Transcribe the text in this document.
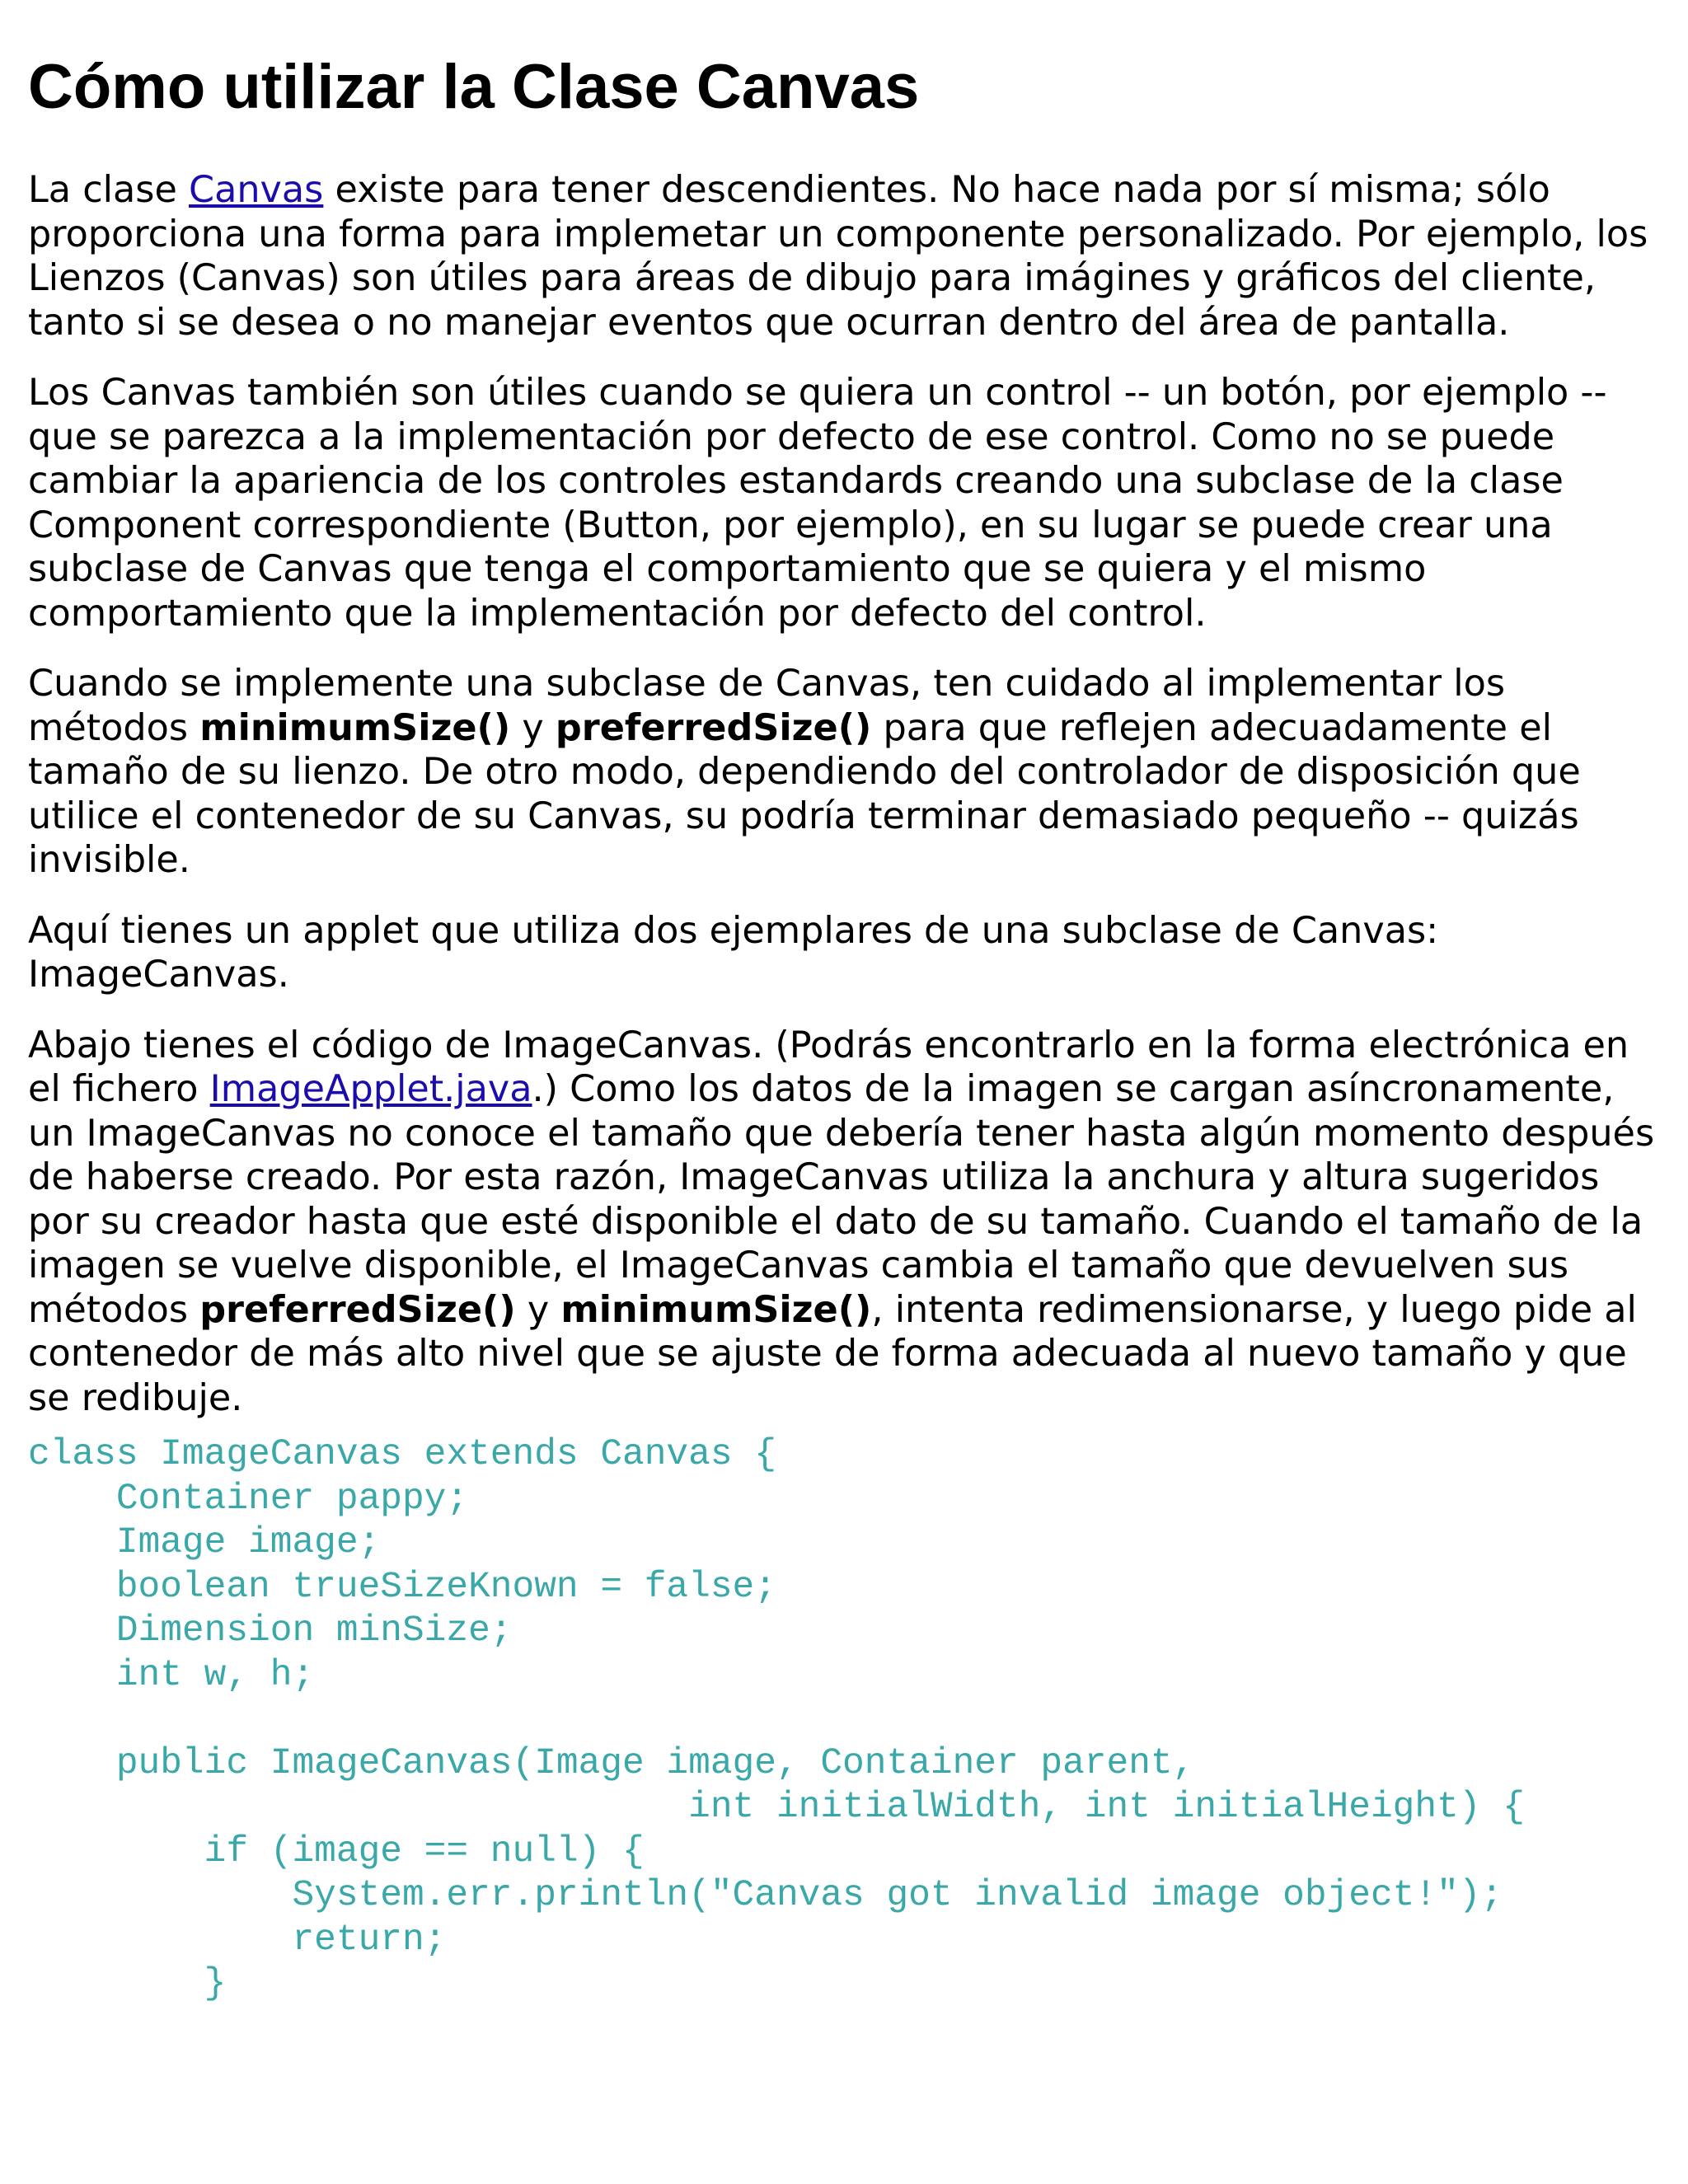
Cómo utilizar la Clase Canvas

La clase Canvas existe para tener descendientes. No hace nada por sí misma; sólo proporciona una forma para implemetar un componente personalizado. Por ejemplo, los Lienzos (Canvas) son útiles para áreas de dibujo para imágines y gráficos del cliente, tanto si se desea o no manejar eventos que ocurran dentro del área de pantalla.

Los Canvas también son útiles cuando se quiera un control -- un botón, por ejemplo -- que se parezca a la implementación por defecto de ese control. Como no se puede cambiar la apariencia de los controles estandards creando una subclase de la clase Component correspondiente (Button, por ejemplo), en su lugar se puede crear una subclase de Canvas que tenga el comportamiento que se quiera y el mismo comportamiento que la implementación por defecto del control.

Cuando se implemente una subclase de Canvas, ten cuidado al implementar los métodos minimumSize() y preferredSize() para que reflejen adecuadamente el tamaño de su lienzo. De otro modo, dependiendo del controlador de disposición que utilice el contenedor de su Canvas, su podría terminar demasiado pequeño -- quizás invisible.

Aquí tienes un applet que utiliza dos ejemplares de una subclase de Canvas: ImageCanvas.

Abajo tienes el código de ImageCanvas. (Podrás encontrarlo en la forma electrónica en el fichero ImageApplet.java.) Como los datos de la imagen se cargan asíncronamente, un ImageCanvas no conoce el tamaño que debería tener hasta algún momento después de haberse creado. Por esta razón, ImageCanvas utiliza la anchura y altura sugeridos por su creador hasta que esté disponible el dato de su tamaño. Cuando el tamaño de la imagen se vuelve disponible, el ImageCanvas cambia el tamaño que devuelven sus métodos preferredSize() y minimumSize(), intenta redimensionarse, y luego pide al contenedor de más alto nivel que se ajuste de forma adecuada al nuevo tamaño y que se redibuje.

class ImageCanvas extends Canvas {
Container pappy;
Image image;
boolean trueSizeKnown = false;
Dimension minSize;
int w, h;

public ImageCanvas(Image image, Container parent,
int initialWidth, int initialHeight) {
if (image == null) {
System.err.println("Canvas got invalid image object!");
return;
}
